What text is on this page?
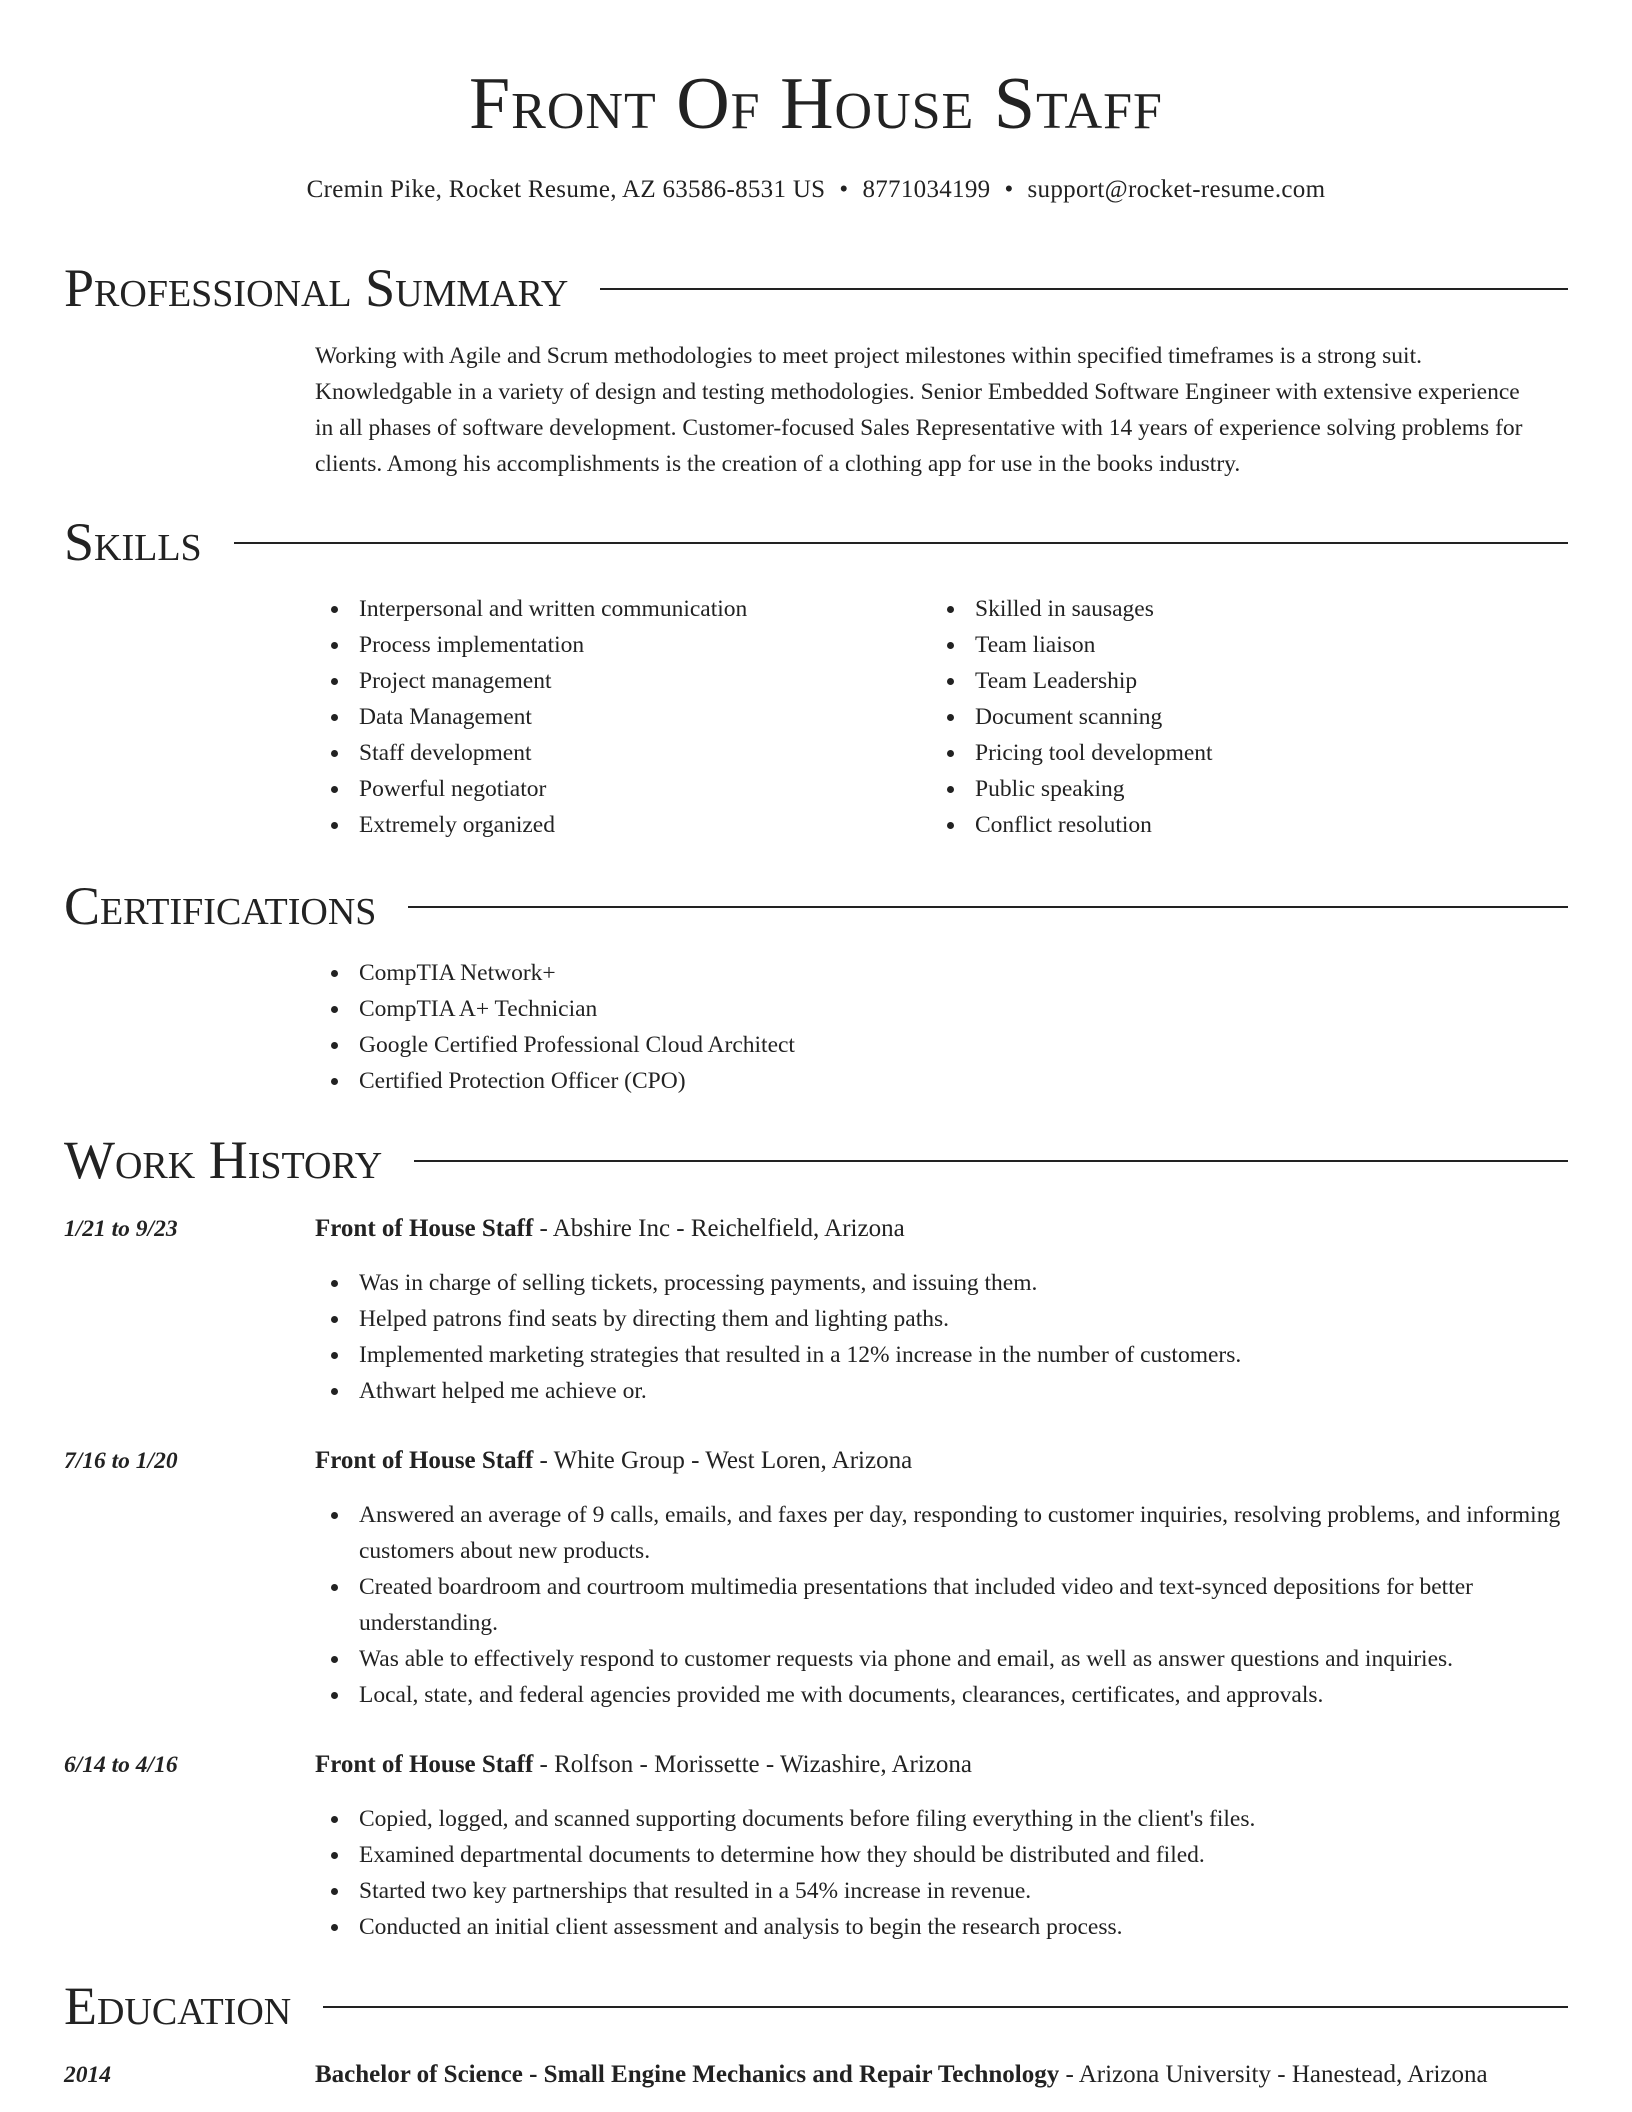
Front Of House Staff
Cremin Pike, Rocket Resume, AZ 63586-8531 US • 8771034199 • support@rocket-resume.com
Professional Summary
Working with Agile and Scrum methodologies to meet project milestones within specified timeframes is a strong suit. Knowledgable in a variety of design and testing methodologies. Senior Embedded Software Engineer with extensive experience in all phases of software development. Customer-focused Sales Representative with 14 years of experience solving problems for clients. Among his accomplishments is the creation of a clothing app for use in the books industry.
Skills
Interpersonal and written communication
Process implementation
Project management
Data Management
Staff development
Powerful negotiator
Extremely organized
Skilled in sausages
Team liaison
Team Leadership
Document scanning
Pricing tool development
Public speaking
Conflict resolution
Certifications
CompTIA Network+
CompTIA A+ Technician
Google Certified Professional Cloud Architect
Certified Protection Officer (CPO)
Work History
1/21 to 9/23	Front of House Staff - Abshire Inc - Reichelfield, Arizona
Was in charge of selling tickets, processing payments, and issuing them.
Helped patrons find seats by directing them and lighting paths.
Implemented marketing strategies that resulted in a 12% increase in the number of customers.
Athwart helped me achieve or.
7/16 to 1/20	Front of House Staff - White Group - West Loren, Arizona
Answered an average of 9 calls, emails, and faxes per day, responding to customer inquiries, resolving problems, and informing customers about new products.
Created boardroom and courtroom multimedia presentations that included video and text-synced depositions for better understanding.
Was able to effectively respond to customer requests via phone and email, as well as answer questions and inquiries.
Local, state, and federal agencies provided me with documents, clearances, certificates, and approvals.
6/14 to 4/16	Front of House Staff - Rolfson - Morissette - Wizashire, Arizona
Copied, logged, and scanned supporting documents before filing everything in the client's files.
Examined departmental documents to determine how they should be distributed and filed.
Started two key partnerships that resulted in a 54% increase in revenue.
Conducted an initial client assessment and analysis to begin the research process.
Education
2014	Bachelor of Science - Small Engine Mechanics and Repair Technology - Arizona University - Hanestead, Arizona
